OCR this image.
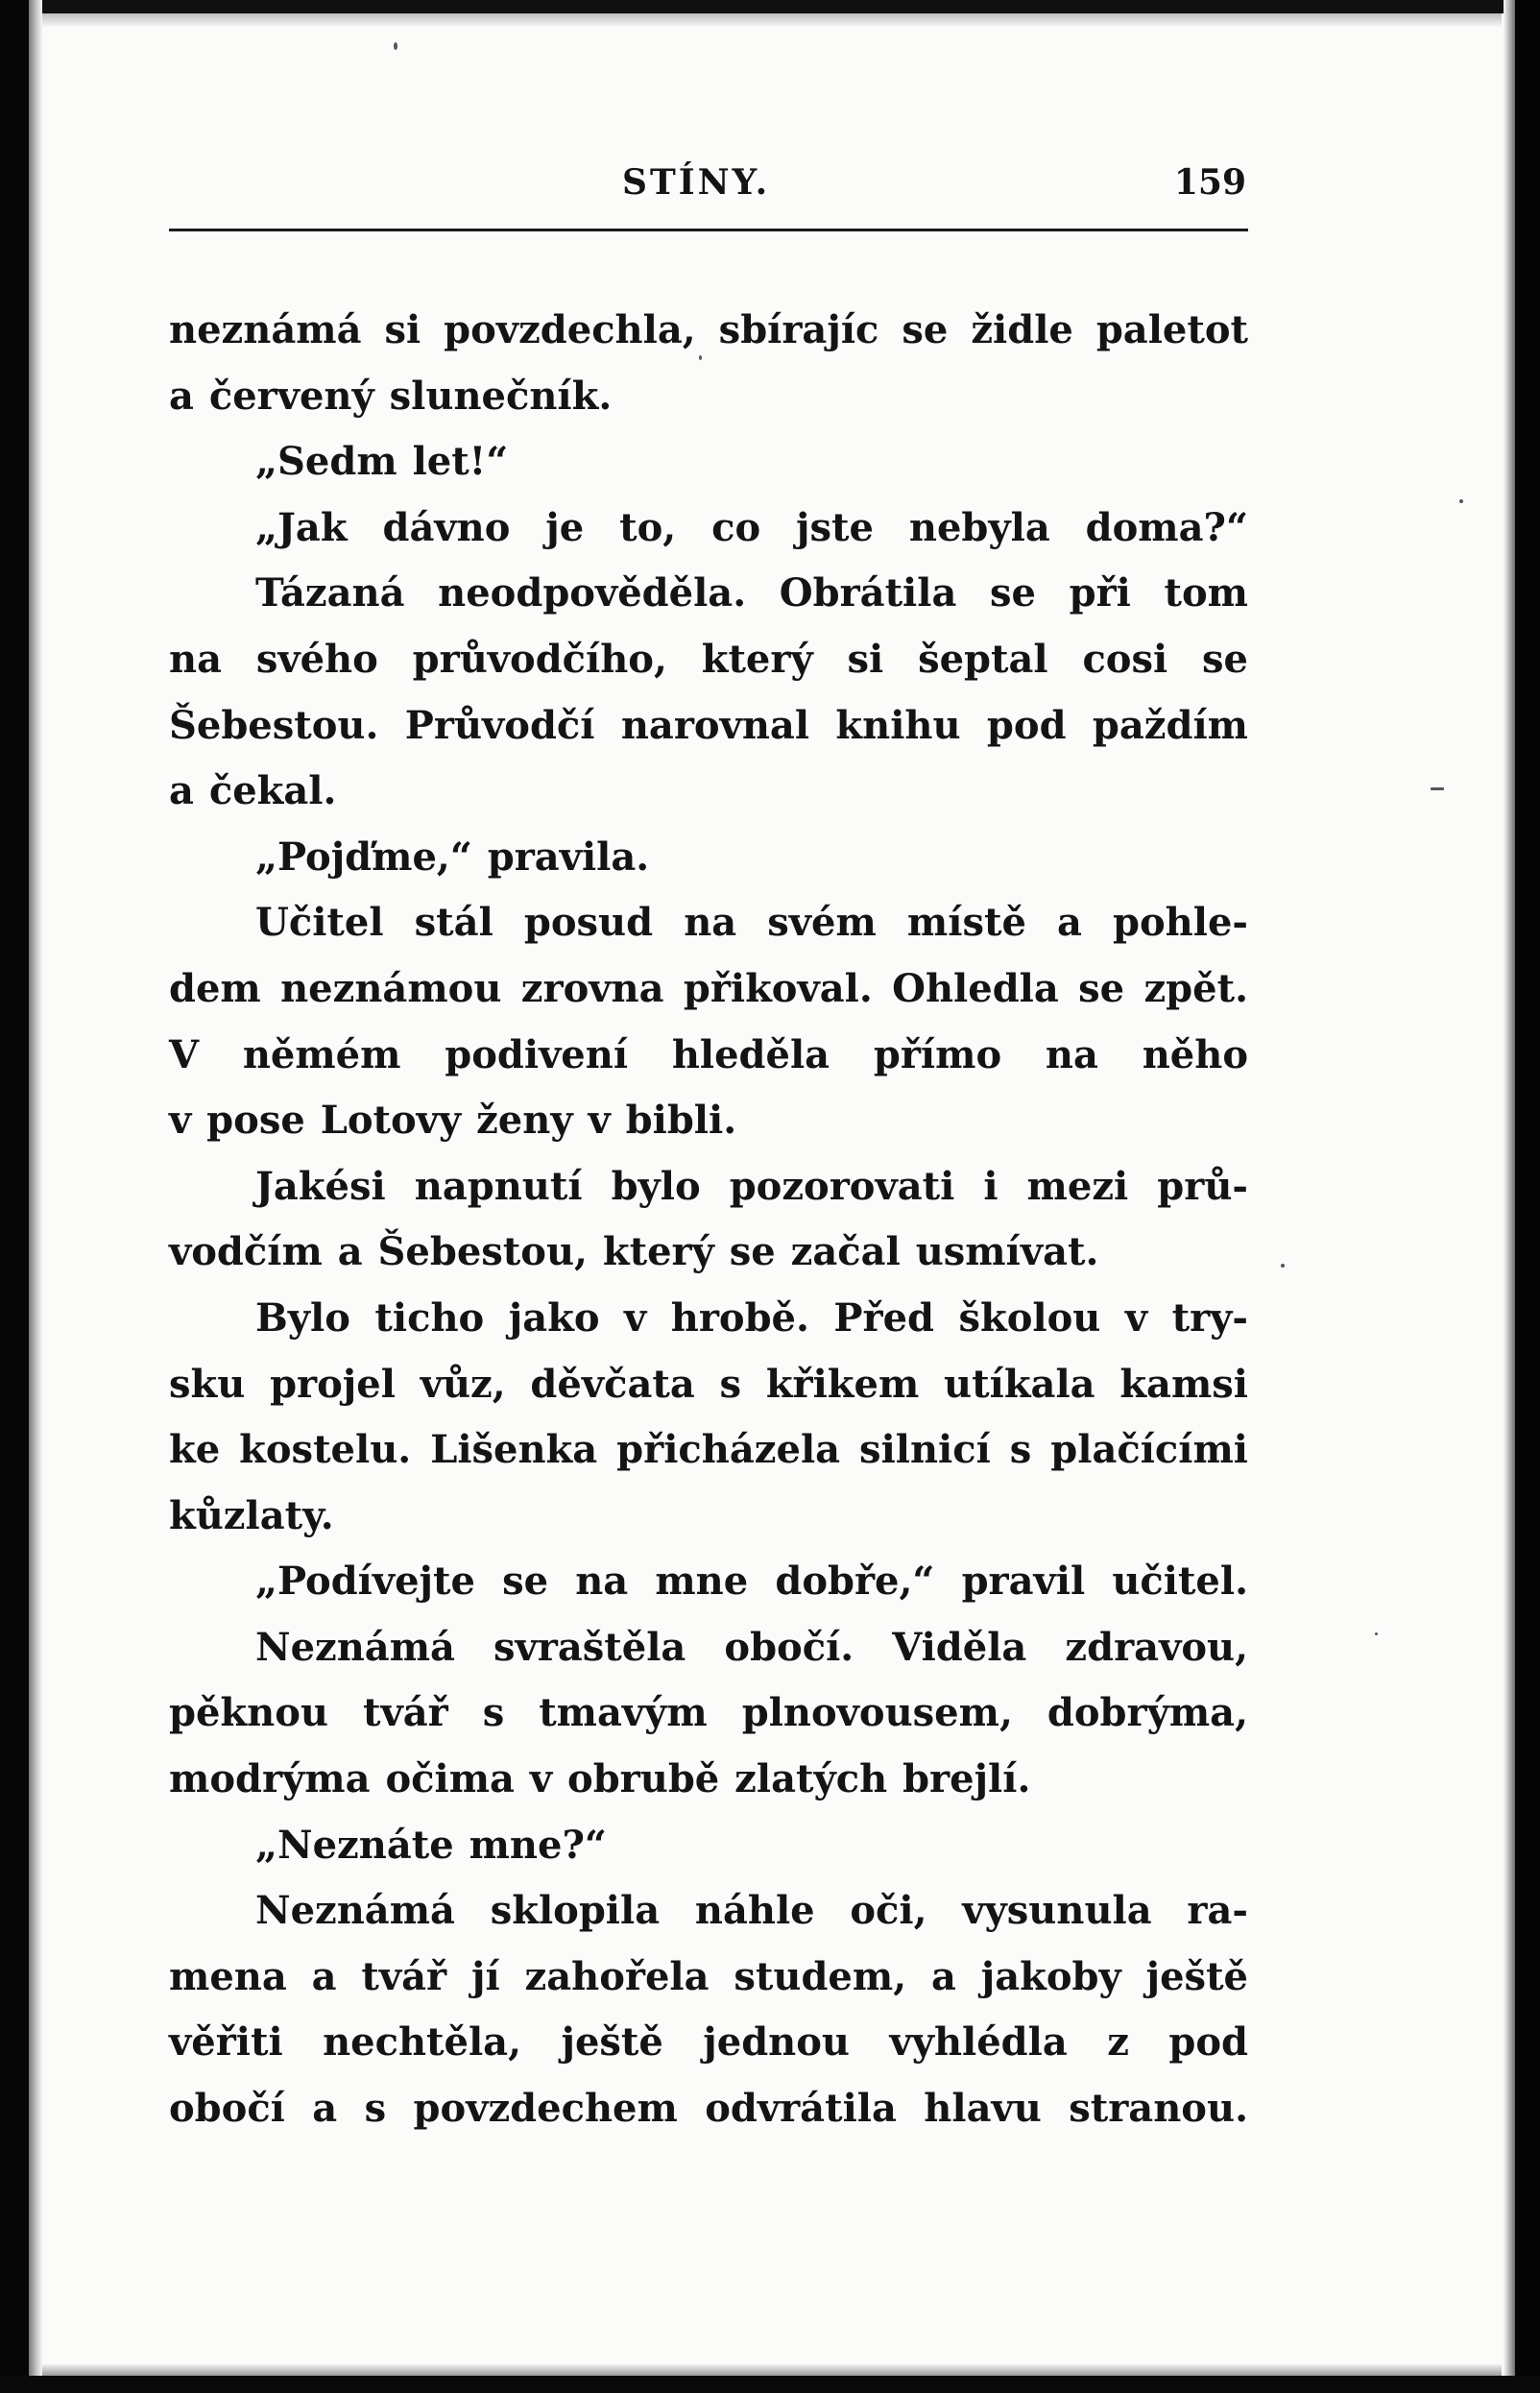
STÍNY.	159
neznámá si povzdechla, sbírajíc se židle paletot
a červený slunečník.
„Sedm let!“
„Jak dávno je to, co jste nebyla doma?“
Tázaná neodpověděla. Obrátila se při tom
na svého průvodčího, který si šeptal cosi se
Šebestou. Průvodčí narovnal knihu pod paždím
a čekal.
„Pojďme,“ pravila.
Učitel stál posud na svém místě a pohle-
dem neznámou zrovna přikoval. Ohledla se zpět.
V němém podivení hleděla přímo na něho
v pose Lotovy ženy v bibli.
Jakési napnutí bylo pozorovati i mezi prů-
vodčím a Šebestou, který se začal usmívat.
Bylo ticho jako v hrobě. Před školou v try-
sku projel vůz, děvčata s křikem utíkala kamsi
ke kostelu. Lišenka přicházela silnicí s plačícími
kůzlaty.
„Podívejte se na mne dobře,“ pravil učitel.
Neznámá svraštěla obočí. Viděla zdravou,
pěknou tvář s tmavým plnovousem, dobrýma,
modrýma očima v obrubě zlatých brejlí.
„Neznáte mne?“
Neznámá sklopila náhle oči, vysunula ra-
mena a tvář jí zahořela studem, a jakoby ještě
věřiti nechtěla, ještě jednou vyhlédla z pod
obočí a s povzdechem odvrátila hlavu stranou.
